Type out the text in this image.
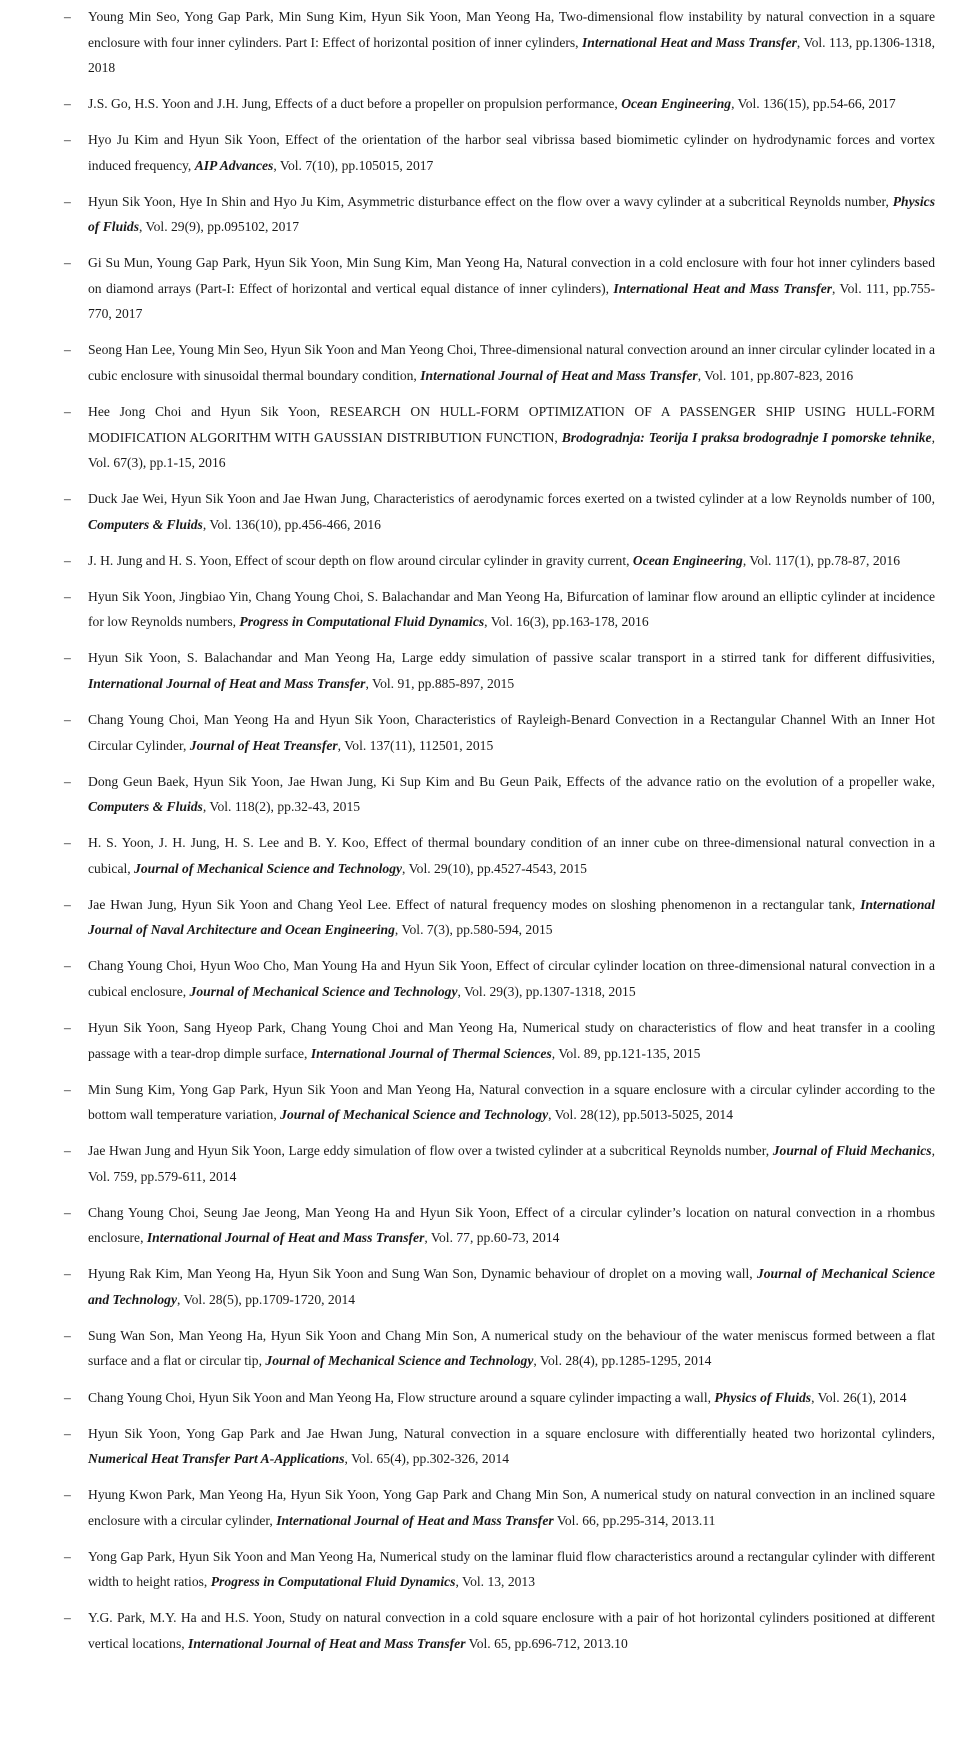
– Young Min Seo, Yong Gap Park, Min Sung Kim, Hyun Sik Yoon, Man Yeong Ha, Two-dimensional flow instability by natural convection in a square enclosure with four inner cylinders. Part I: Effect of horizontal position of inner cylinders, International Heat and Mass Transfer, Vol. 113, pp.1306-1318, 2018
– J.S. Go, H.S. Yoon and J.H. Jung, Effects of a duct before a propeller on propulsion performance, Ocean Engineering, Vol. 136(15), pp.54-66, 2017
– Hyo Ju Kim and Hyun Sik Yoon, Effect of the orientation of the harbor seal vibrissa based biomimetic cylinder on hydrodynamic forces and vortex induced frequency, AIP Advances, Vol. 7(10), pp.105015, 2017
– Hyun Sik Yoon, Hye In Shin and Hyo Ju Kim, Asymmetric disturbance effect on the flow over a wavy cylinder at a subcritical Reynolds number, Physics of Fluids, Vol. 29(9), pp.095102, 2017
– Gi Su Mun, Young Gap Park, Hyun Sik Yoon, Min Sung Kim, Man Yeong Ha, Natural convection in a cold enclosure with four hot inner cylinders based on diamond arrays (Part-I: Effect of horizontal and vertical equal distance of inner cylinders), International Heat and Mass Transfer, Vol. 111, pp.755-770, 2017
– Seong Han Lee, Young Min Seo, Hyun Sik Yoon and Man Yeong Choi, Three-dimensional natural convection around an inner circular cylinder located in a cubic enclosure with sinusoidal thermal boundary condition, International Journal of Heat and Mass Transfer, Vol. 101, pp.807-823, 2016
– Hee Jong Choi and Hyun Sik Yoon, RESEARCH ON HULL-FORM OPTIMIZATION OF A PASSENGER SHIP USING HULL-FORM MODIFICATION ALGORITHM WITH GAUSSIAN DISTRIBUTION FUNCTION, Brodogradnja: Teorija I praksa brodogradnje I pomorske tehnike, Vol. 67(3), pp.1-15, 2016
– Duck Jae Wei, Hyun Sik Yoon and Jae Hwan Jung, Characteristics of aerodynamic forces exerted on a twisted cylinder at a low Reynolds number of 100, Computers & Fluids, Vol. 136(10), pp.456-466, 2016
– J. H. Jung and H. S. Yoon, Effect of scour depth on flow around circular cylinder in gravity current, Ocean Engineering, Vol. 117(1), pp.78-87, 2016
– Hyun Sik Yoon, Jingbiao Yin, Chang Young Choi, S. Balachandar and Man Yeong Ha, Bifurcation of laminar flow around an elliptic cylinder at incidence for low Reynolds numbers, Progress in Computational Fluid Dynamics, Vol. 16(3), pp.163-178, 2016
– Hyun Sik Yoon, S. Balachandar and Man Yeong Ha, Large eddy simulation of passive scalar transport in a stirred tank for different diffusivities, International Journal of Heat and Mass Transfer, Vol. 91, pp.885-897, 2015
– Chang Young Choi, Man Yeong Ha and Hyun Sik Yoon, Characteristics of Rayleigh-Benard Convection in a Rectangular Channel With an Inner Hot Circular Cylinder, Journal of Heat Treansfer, Vol. 137(11), 112501, 2015
– Dong Geun Baek, Hyun Sik Yoon, Jae Hwan Jung, Ki Sup Kim and Bu Geun Paik, Effects of the advance ratio on the evolution of a propeller wake, Computers & Fluids, Vol. 118(2), pp.32-43, 2015
– H. S. Yoon, J. H. Jung, H. S. Lee and B. Y. Koo, Effect of thermal boundary condition of an inner cube on three-dimensional natural convection in a cubical, Journal of Mechanical Science and Technology, Vol. 29(10), pp.4527-4543, 2015
– Jae Hwan Jung, Hyun Sik Yoon and Chang Yeol Lee. Effect of natural frequency modes on sloshing phenomenon in a rectangular tank, International Journal of Naval Architecture and Ocean Engineering, Vol. 7(3), pp.580-594, 2015
– Chang Young Choi, Hyun Woo Cho, Man Young Ha and Hyun Sik Yoon, Effect of circular cylinder location on three-dimensional natural convection in a cubical enclosure, Journal of Mechanical Science and Technology, Vol. 29(3), pp.1307-1318, 2015
– Hyun Sik Yoon, Sang Hyeop Park, Chang Young Choi and Man Yeong Ha, Numerical study on characteristics of flow and heat transfer in a cooling passage with a tear-drop dimple surface, International Journal of Thermal Sciences, Vol. 89, pp.121-135, 2015
– Min Sung Kim, Yong Gap Park, Hyun Sik Yoon and Man Yeong Ha, Natural convection in a square enclosure with a circular cylinder according to the bottom wall temperature variation, Journal of Mechanical Science and Technology, Vol. 28(12), pp.5013-5025, 2014
– Jae Hwan Jung and Hyun Sik Yoon, Large eddy simulation of flow over a twisted cylinder at a subcritical Reynolds number, Journal of Fluid Mechanics, Vol. 759, pp.579-611, 2014
– Chang Young Choi, Seung Jae Jeong, Man Yeong Ha and Hyun Sik Yoon, Effect of a circular cylinder’s location on natural convection in a rhombus enclosure, International Journal of Heat and Mass Transfer, Vol. 77, pp.60-73, 2014
– Hyung Rak Kim, Man Yeong Ha, Hyun Sik Yoon and Sung Wan Son, Dynamic behaviour of droplet on a moving wall, Journal of Mechanical Science and Technology, Vol. 28(5), pp.1709-1720, 2014
– Sung Wan Son, Man Yeong Ha, Hyun Sik Yoon and Chang Min Son, A numerical study on the behaviour of the water meniscus formed between a flat surface and a flat or circular tip, Journal of Mechanical Science and Technology, Vol. 28(4), pp.1285-1295, 2014
– Chang Young Choi, Hyun Sik Yoon and Man Yeong Ha, Flow structure around a square cylinder impacting a wall, Physics of Fluids, Vol. 26(1), 2014
– Hyun Sik Yoon, Yong Gap Park and Jae Hwan Jung, Natural convection in a square enclosure with differentially heated two horizontal cylinders, Numerical Heat Transfer Part A-Applications, Vol. 65(4), pp.302-326, 2014
– Hyung Kwon Park, Man Yeong Ha, Hyun Sik Yoon, Yong Gap Park and Chang Min Son, A numerical study on natural convection in an inclined square enclosure with a circular cylinder, International Journal of Heat and Mass Transfer Vol. 66, pp.295-314, 2013.11
– Yong Gap Park, Hyun Sik Yoon and Man Yeong Ha, Numerical study on the laminar fluid flow characteristics around a rectangular cylinder with different width to height ratios, Progress in Computational Fluid Dynamics, Vol. 13, 2013
– Y.G. Park, M.Y. Ha and H.S. Yoon, Study on natural convection in a cold square enclosure with a pair of hot horizontal cylinders positioned at different vertical locations, International Journal of Heat and Mass Transfer Vol. 65, pp.696-712, 2013.10
